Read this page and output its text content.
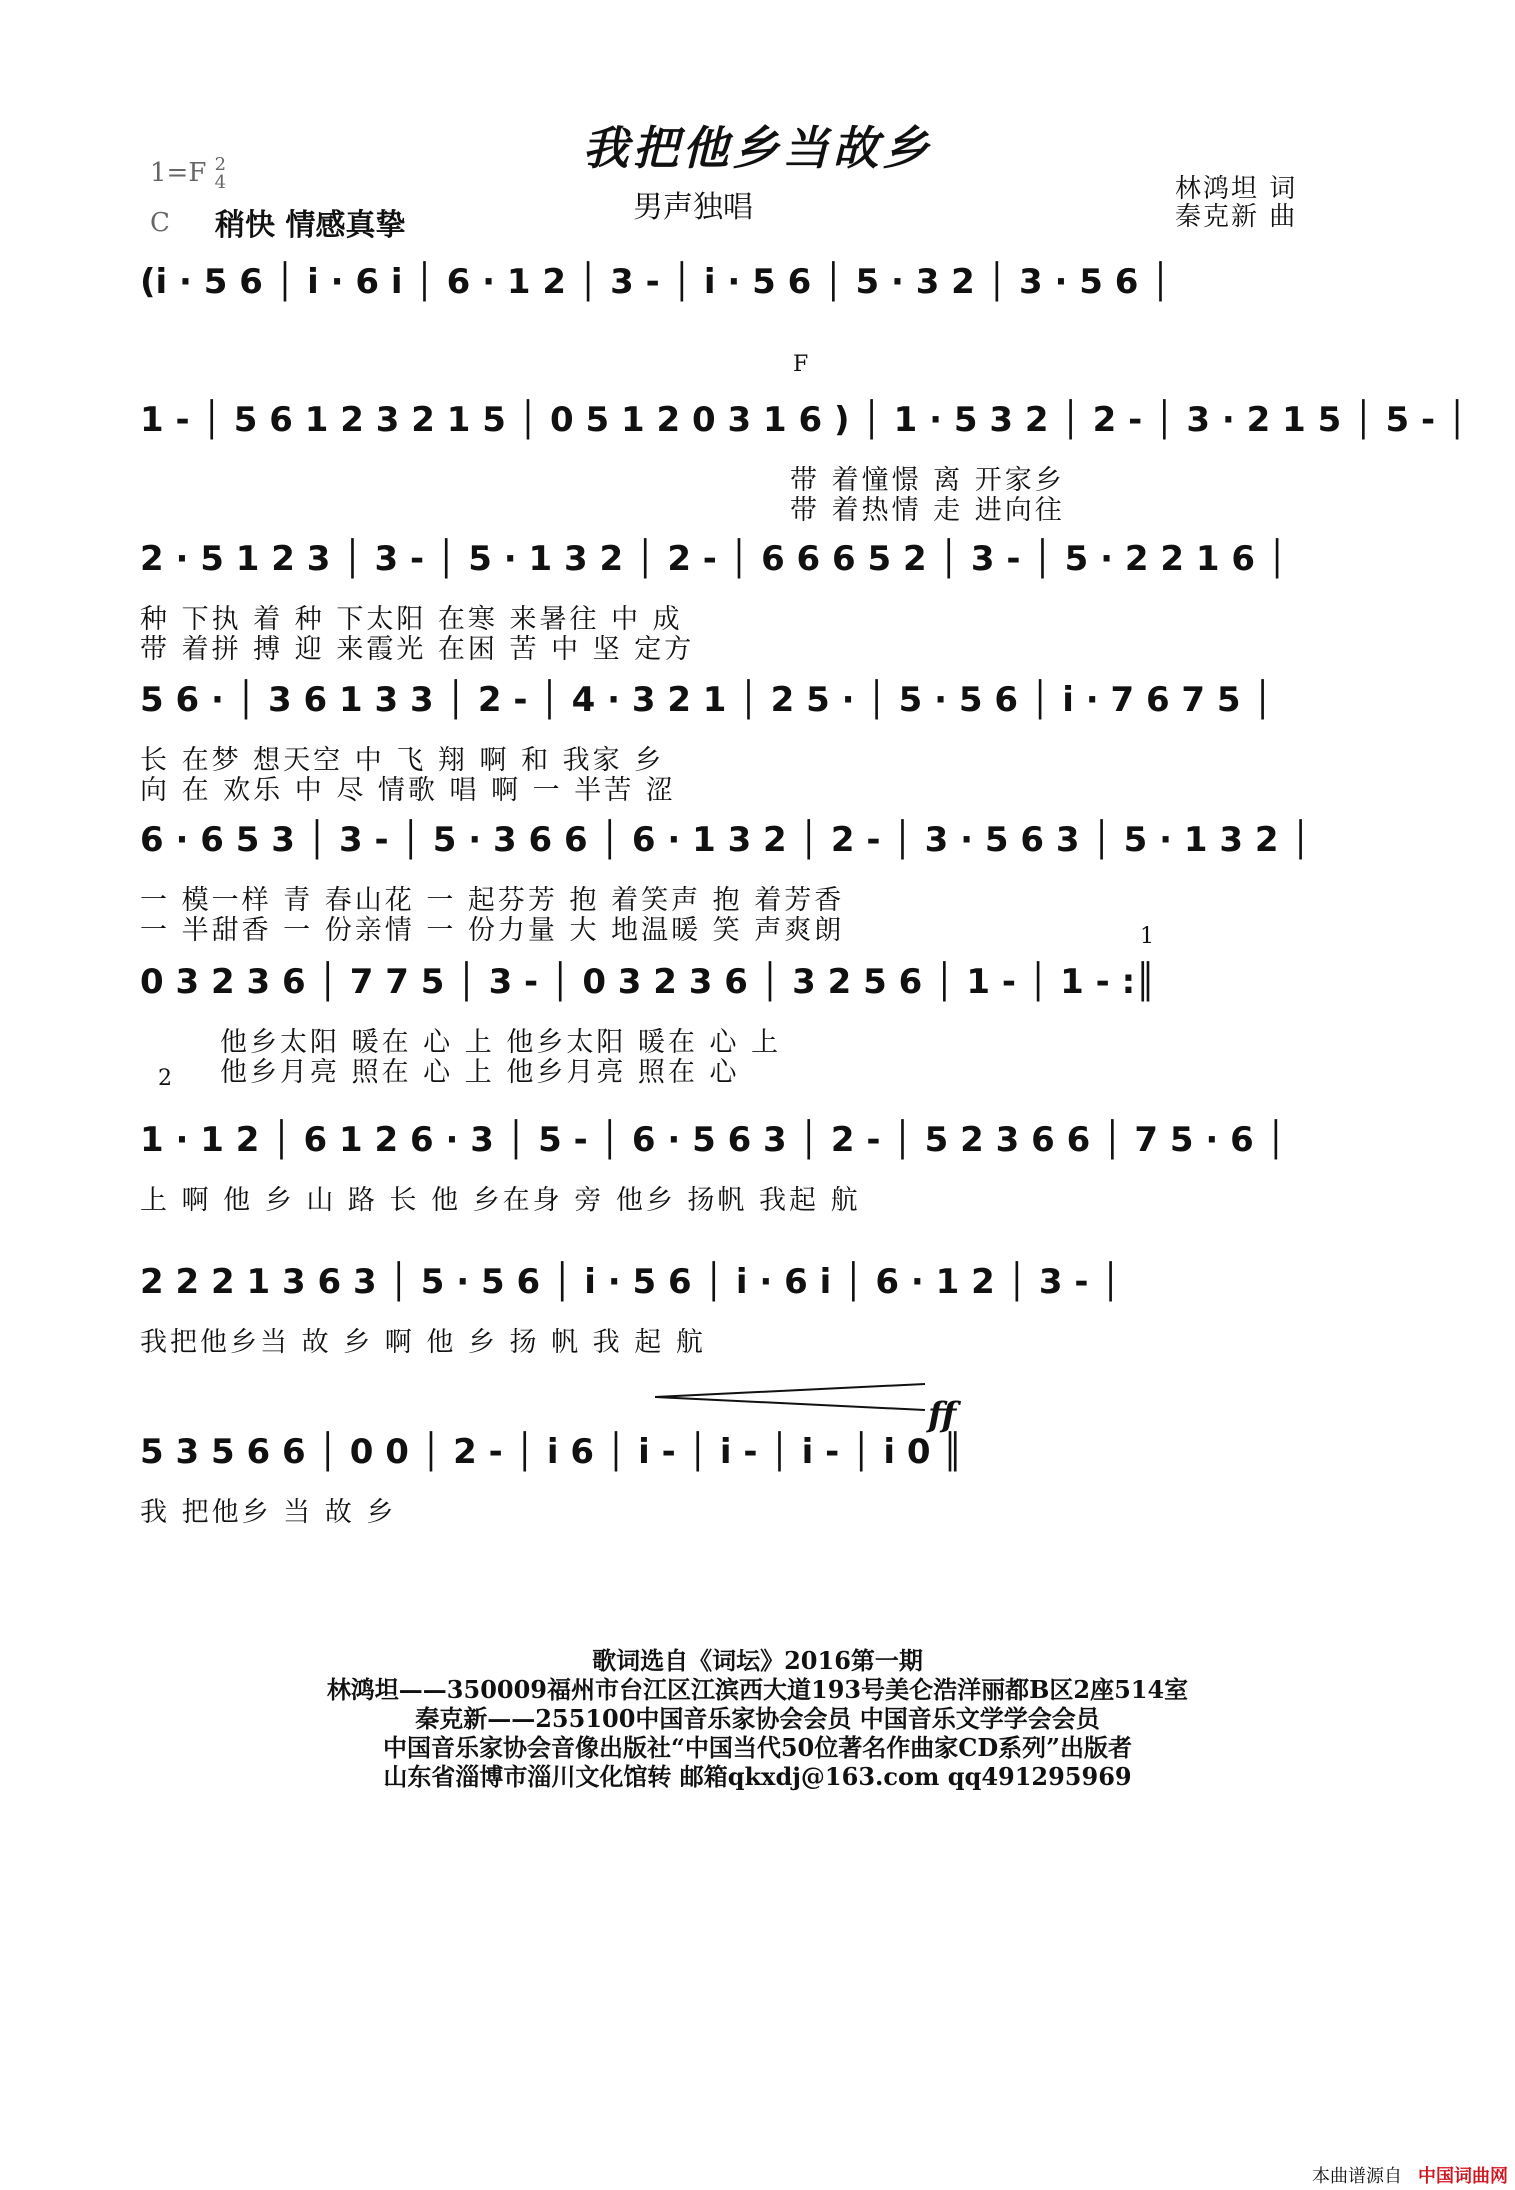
我把他乡当故乡
1=F 2
4
C 稍快 情感真挚
男声独唱
林鸿坦 词
秦克新 曲
(i · 5 6 │ i · 6 i │ 6 · 1 2 │ 3 - │ i · 5 6 │ 5 · 3 2 │ 3 · 5 6 │
F
1 - │ 5 6 1 2 3 2 1 5 │ 0 5 1 2 0 3 1 6 ) │ 1 · 5 3 2 │ 2 - │ 3 · 2 1 5 │ 5 - │
带 着憧憬 离 开家乡
带 着热情 走 进向往
2 · 5 1 2 3 │ 3 - │ 5 · 1 3 2 │ 2 - │ 6 6 6 5 2 │ 3 - │ 5 · 2 2 1 6 │
种 下执 着 种 下太阳 在寒 来暑往 中 成
带 着拼 搏 迎 来霞光 在困 苦 中 坚 定方
5 6 · │ 3 6 1 3 3 │ 2 - │ 4 · 3 2 1 │ 2 5 · │ 5 · 5 6 │ i · 7 6 7 5 │
长 在梦 想天空 中 飞 翔 啊 和 我家 乡
向 在 欢乐 中 尽 情歌 唱 啊 一 半苦 涩
6 · 6 5 3 │ 3 - │ 5 · 3 6 6 │ 6 · 1 3 2 │ 2 - │ 3 · 5 6 3 │ 5 · 1 3 2 │
一 模一样 青 春山花 一 起芬芳 抱 着笑声 抱 着芳香
一 半甜香 一 份亲情 一 份力量 大 地温暖 笑 声爽朗	1
0 3 2 3 6 │ 7 7 5 │ 3 - │ 0 3 2 3 6 │ 3 2 5 6 │ 1 - │ 1 - :║
他乡太阳 暖在 心 上 他乡太阳 暖在 心 上
他乡月亮 照在 心 上 他乡月亮 照在 心
2
1 · 1 2 │ 6 1 2 6 · 3 │ 5 - │ 6 · 5 6 3 │ 2 - │ 5 2 3 6 6 │ 7 5 · 6 │
上 啊 他 乡 山 路 长 他 乡在身 旁 他乡 扬帆 我起 航
2 2 2 1 3 6 3 │ 5 · 5 6 │ i · 5 6 │ i · 6 i │ 6 · 1 2 │ 3 - │
我把他乡当 故 乡 啊 他 乡 扬 帆 我 起 航
ff
5 3 5 6 6 │ 0 0 │ 2 - │ i 6 │ i - │ i - │ i - │ i 0 ║
我 把他乡 当 故 乡
歌词选自《词坛》2016第一期
林鸿坦——350009福州市台江区江滨西大道193号美仑浩洋丽都B区2座514室
秦克新——255100中国音乐家协会会员 中国音乐文学学会会员
中国音乐家协会音像出版社“中国当代50位著名作曲家CD系列”出版者
山东省淄博市淄川文化馆转 邮箱qkxdj@163.com qq491295969
本曲谱源自 中国词曲网
